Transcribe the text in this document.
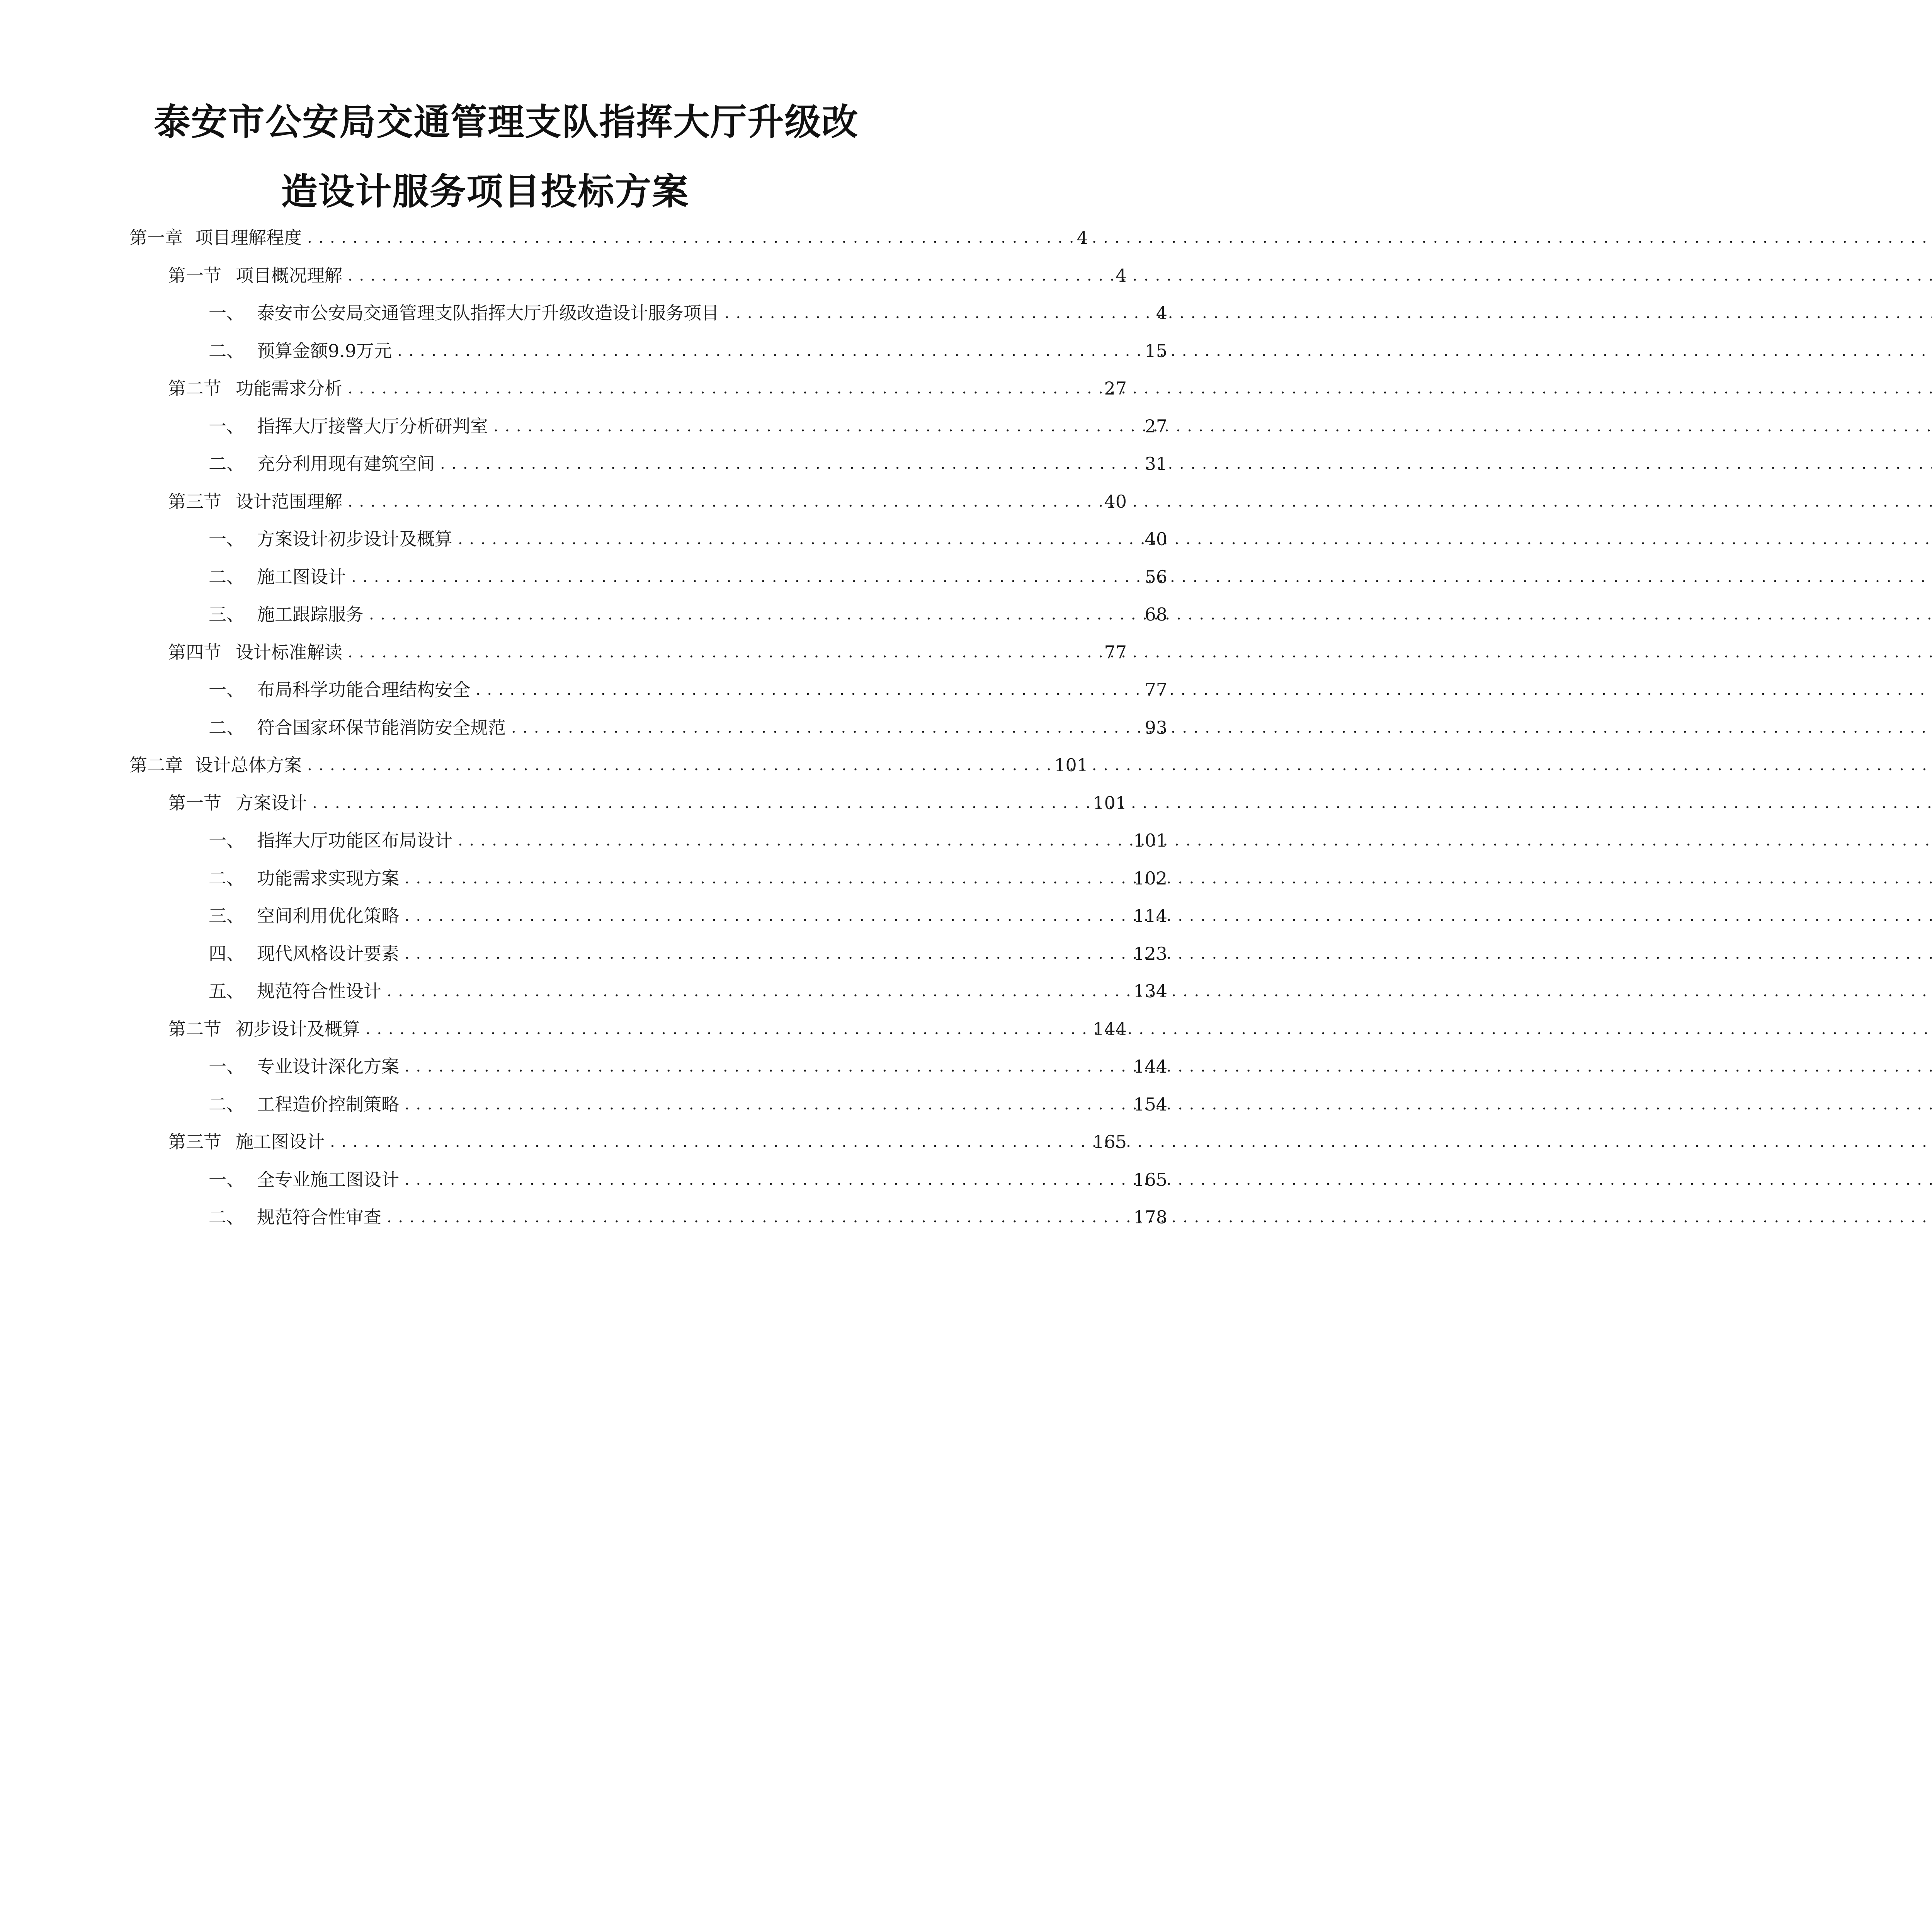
泰安市公安局交通管理支队指挥大厅升级改
造设计服务项目投标方案
第一章 项目理解程度 . . .	4
第一节 项目概况理解 . . .	4
一、 泰安市公安局交通管理支队指挥大厅升级改造设计服务项目 . . .	4
二、 预算金额9.9万元 . . .	15
第二节 功能需求分析 . . .	27
一、 指挥大厅接警大厅分析研判室 . . .	27
二、 充分利用现有建筑空间 . . .	31
第三节 设计范围理解 . . .	40
一、 方案设计初步设计及概算 . . .	40
二、 施工图设计 . . .	56
三、 施工跟踪服务 . . .	68
第四节 设计标准解读 . . .	77
一、 布局科学功能合理结构安全 . . .	77
二、 符合国家环保节能消防安全规范 . . .	93
第二章 设计总体方案 . . .	101
第一节 方案设计 . . .	101
一、 指挥大厅功能区布局设计 . . .	101
二、 功能需求实现方案 . . .	102
三、 空间利用优化策略 . . .	114
四、 现代风格设计要素 . . .	123
五、 规范符合性设计 . . .	134
第二节 初步设计及概算 . . .	144
一、 专业设计深化方案 . . .	144
二、 工程造价控制策略 . . .	154
第三节 施工图设计 . . .	165
一、 全专业施工图设计 . . .	165
二、 规范符合性审查 . . .	178
